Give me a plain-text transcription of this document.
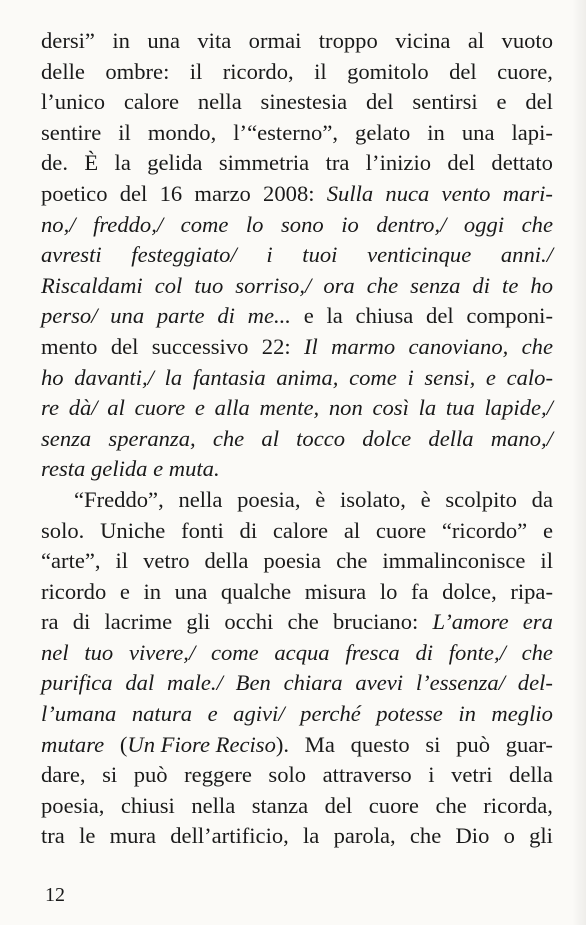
dersi” in una vita ormai troppo vicina al vuoto
delle ombre: il ricordo, il gomitolo del cuore,
l’unico calore nella sinestesia del sentirsi e del
sentire il mondo, l’“esterno”, gelato in una lapi-
de. È la gelida simmetria tra l’inizio del dettato
poetico del 16 marzo 2008: Sulla nuca vento mari-
no,/ freddo,/ come lo sono io dentro,/ oggi che
avresti festeggiato/ i tuoi venticinque anni./
Riscaldami col tuo sorriso,/ ora che senza di te ho
perso/ una parte di me... e la chiusa del componi-
mento del successivo 22: Il marmo canoviano, che
ho davanti,/ la fantasia anima, come i sensi, e calo-
re dà/ al cuore e alla mente, non così la tua lapide,/
senza speranza, che al tocco dolce della mano,/
resta gelida e muta.
“Freddo”, nella poesia, è isolato, è scolpito da
solo. Uniche fonti di calore al cuore “ricordo” e
“arte”, il vetro della poesia che immalinconisce il
ricordo e in una qualche misura lo fa dolce, ripa-
ra di lacrime gli occhi che bruciano: L’amore era
nel tuo vivere,/ come acqua fresca di fonte,/ che
purifica dal male./ Ben chiara avevi l’essenza/ del-
l’umana natura e agivi/ perché potesse in meglio
mutare (Un Fiore Reciso). Ma questo si può guar-
dare, si può reggere solo attraverso i vetri della
poesia, chiusi nella stanza del cuore che ricorda,
tra le mura dell’artificio, la parola, che Dio o gli
12
